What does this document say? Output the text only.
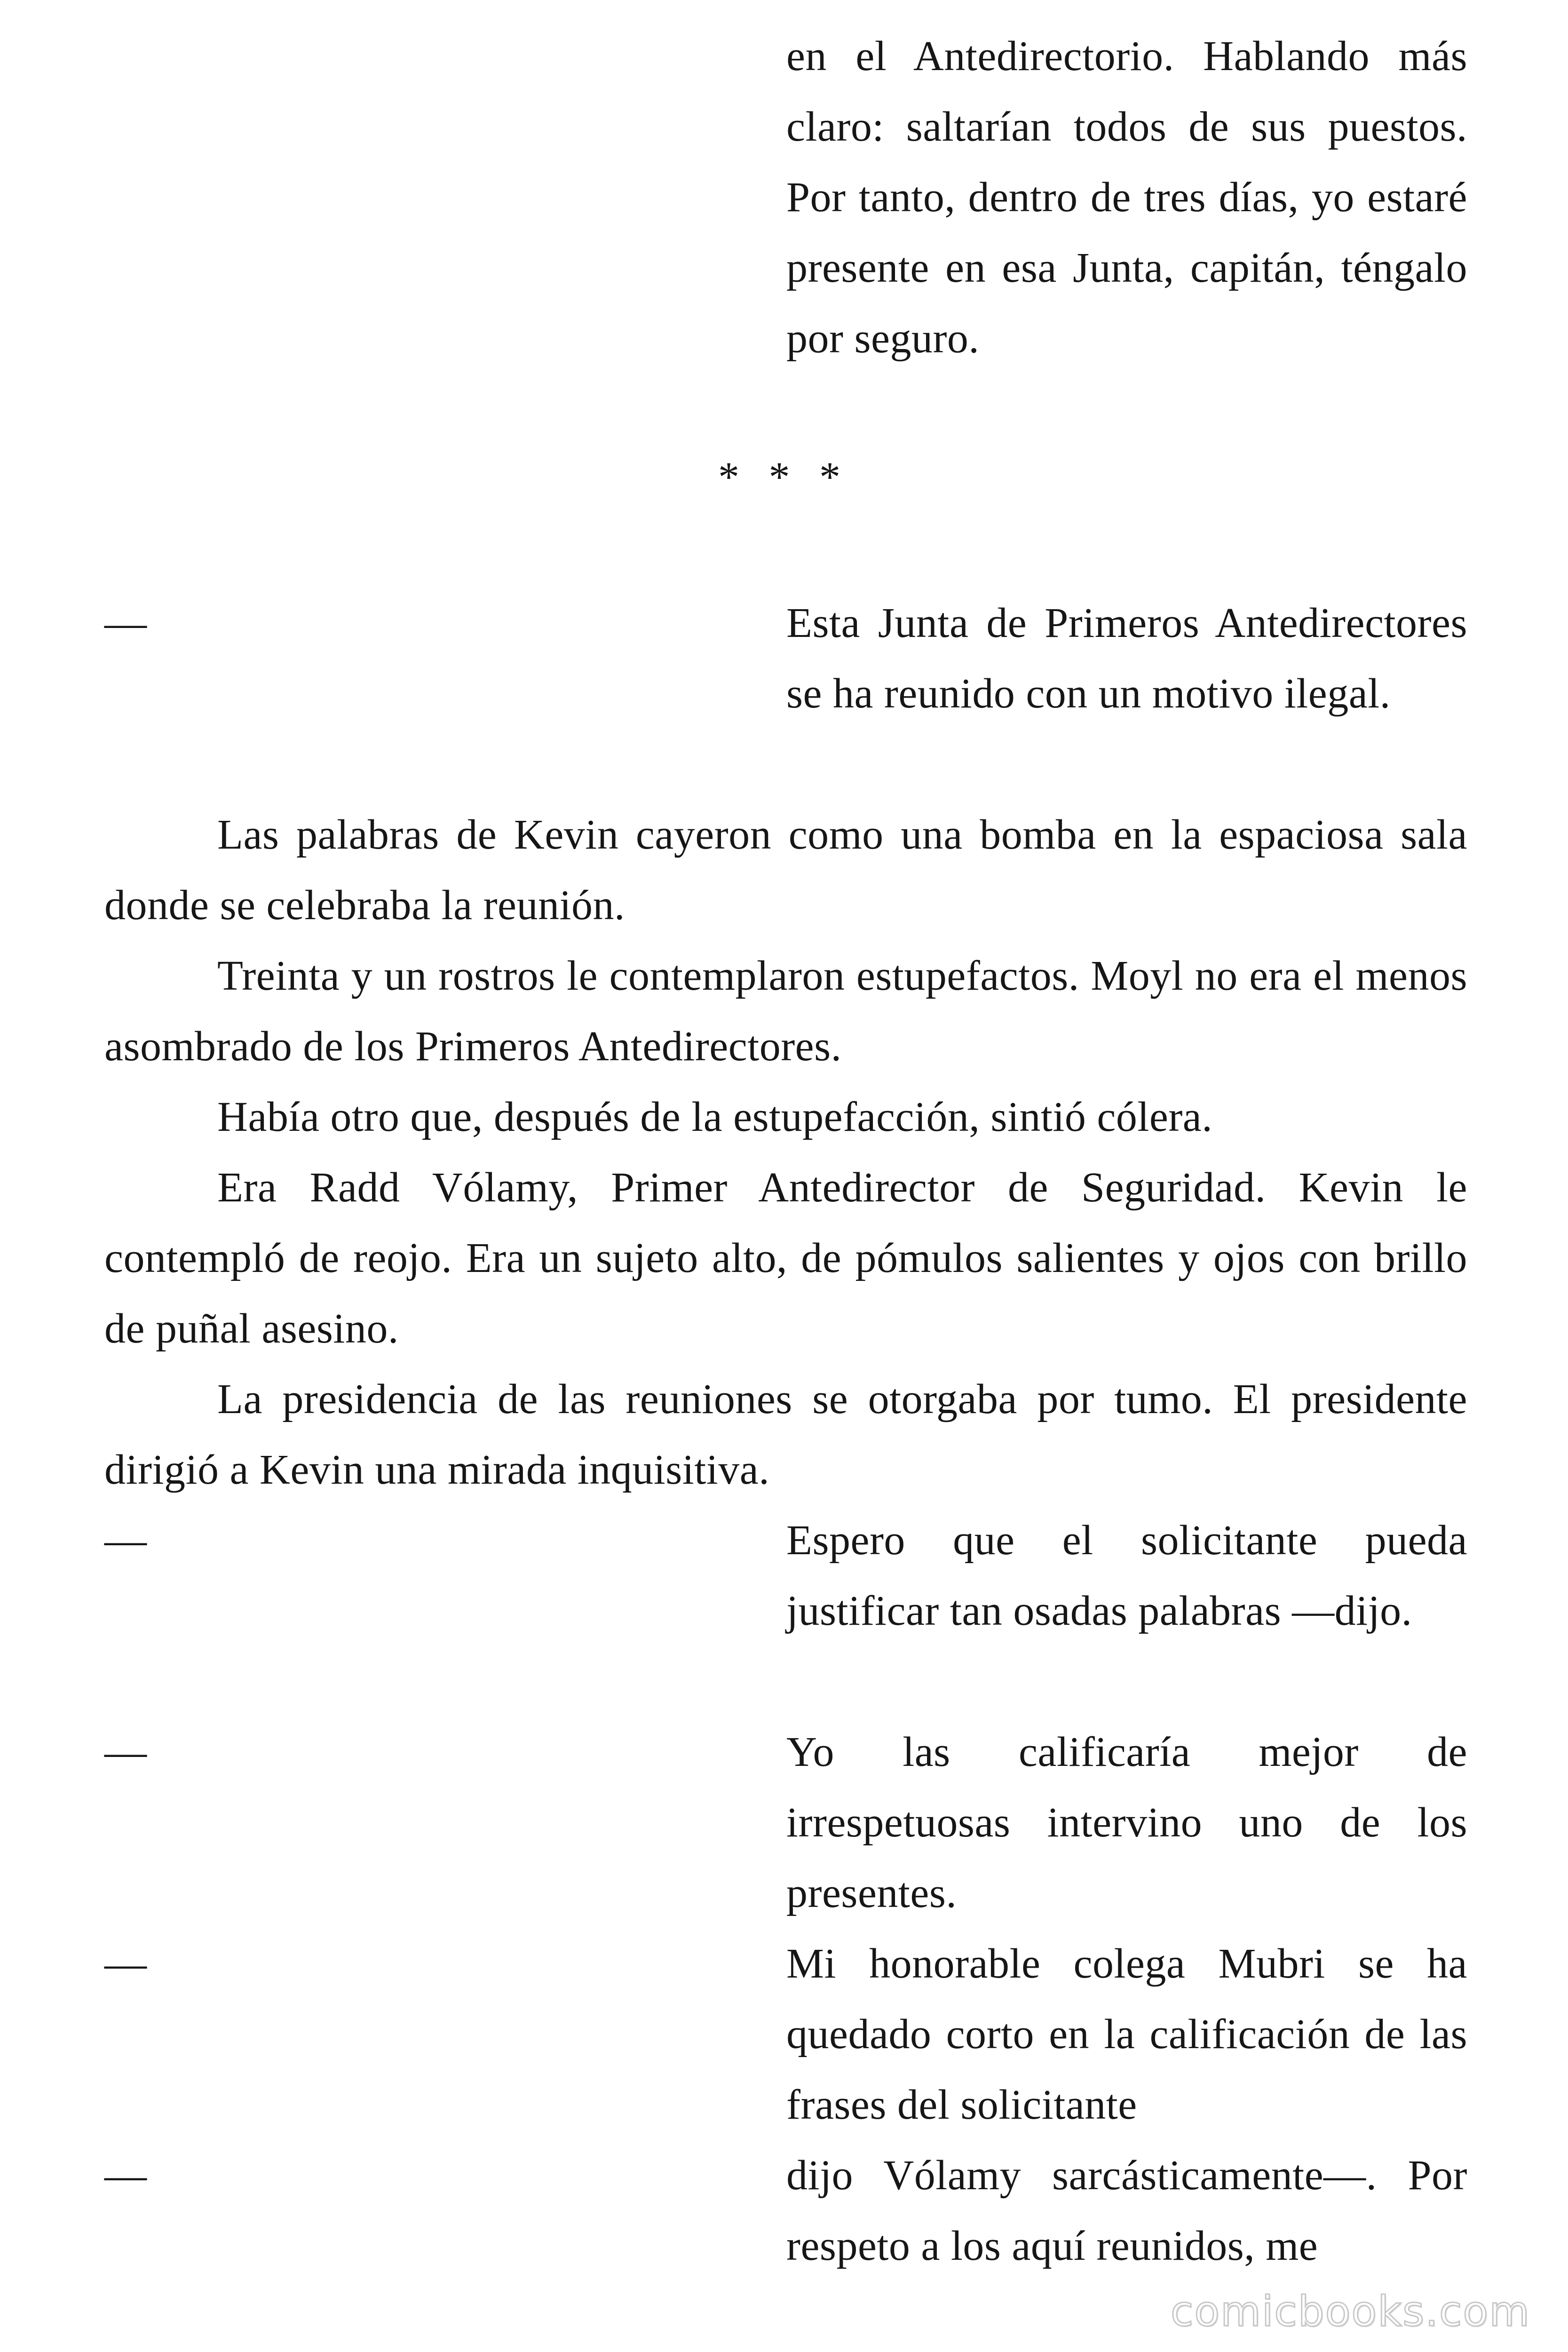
en el Antedirectorio. Hablando más claro: saltarían todos de sus puestos. Por tanto, dentro de tres días, yo estaré presente en esa Junta, capitán, téngalo por seguro.

* * *

—	Esta Junta de Primeros Antedirectores se ha reunido con un motivo ilegal.

Las palabras de Kevin cayeron como una bomba en la espaciosa sala donde se celebraba la reunión.

Treinta y un rostros le contemplaron estupefactos. Moyl no era el menos asombrado de los Primeros Antedirectores.

Había otro que, después de la estupefacción, sintió cólera.

Era Radd Vólamy, Primer Antedirector de Seguridad. Kevin le contempló de reojo. Era un sujeto alto, de pómulos salientes y ojos con brillo de puñal asesino.

La presidencia de las reuniones se otorgaba por tumo. El presidente dirigió a Kevin una mirada inquisitiva.

—	Espero que el solicitante pueda justificar tan osadas palabras —dijo.

—	Yo las calificaría mejor de irrespetuosas intervino uno de los presentes.

—	Mi honorable colega Mubri se ha quedado corto en la calificación de las frases del solicitante

—	dijo Vólamy sarcásticamente—. Por respeto a los aquí reunidos, me

comicbooks.com
